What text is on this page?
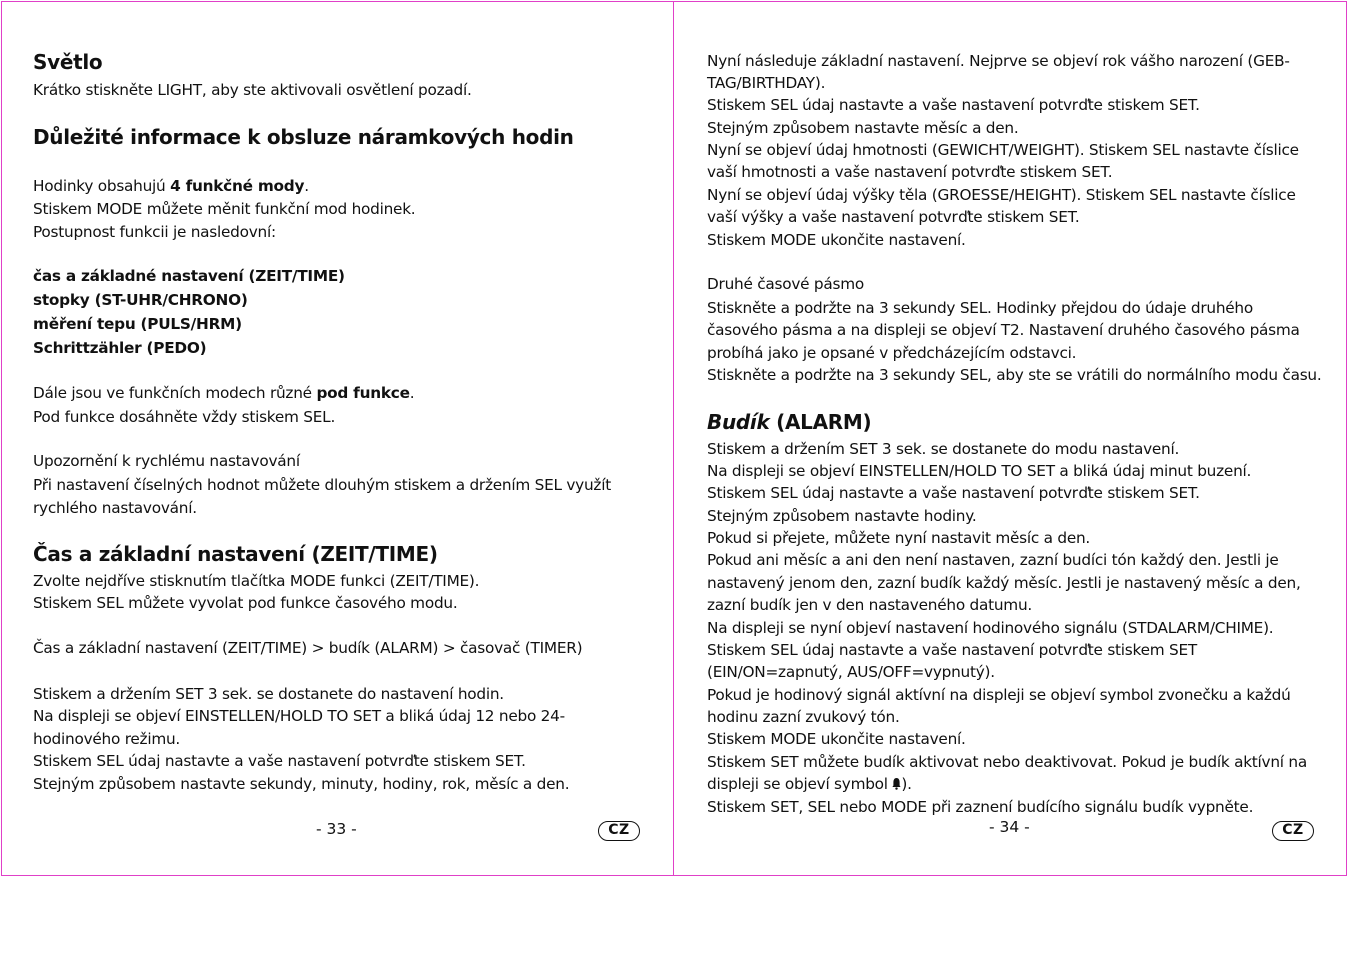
Světlo
Krátko stiskněte LIGHT, aby ste aktivovali osvětlení pozadí.
Důležité informace k obsluze náramkových hodin
Hodinky obsahujú 4 funkčné mody.
Stiskem MODE můžete měnit funkční mod hodinek.
Postupnost funkcii je nasledovní:
čas a základné nastavení (ZEIT/TIME)
stopky (ST-UHR/CHRONO)
měření tepu (PULS/HRM)
Schrittzähler (PEDO)
Dále jsou ve funkčních modech různé pod funkce.
Pod funkce dosáhněte vždy stiskem SEL.
Upozornění k rychlému nastavování
Při nastavení číselných hodnot můžete dlouhým stiskem a držením SEL využít
rychlého nastavování.
Čas a základní nastavení (ZEIT/TIME)
Zvolte nejdříve stisknutím tlačítka MODE funkci (ZEIT/TIME).
Stiskem SEL můžete vyvolat pod funkce časového modu.
Čas a základní nastavení (ZEIT/TIME) > budík (ALARM) > časovač (TIMER)
Stiskem a držením SET 3 sek. se dostanete do nastavení hodin.
Na displeji se objeví EINSTELLEN/HOLD TO SET a bliká údaj 12 nebo 24-
hodinového režimu.
Stiskem SEL údaj nastavte a vaše nastavení potvrďte stiskem SET.
Stejným způsobem nastavte sekundy, minuty, hodiny, rok, měsíc a den.
- 33 -	CZ
Nyní následuje základní nastavení. Nejprve se objeví rok vášho narození (GEB-
TAG/BIRTHDAY).
Stiskem SEL údaj nastavte a vaše nastavení potvrďte stiskem SET.
Stejným způsobem nastavte měsíc a den.
Nyní se objeví údaj hmotnosti (GEWICHT/WEIGHT). Stiskem SEL nastavte číslice
vaší hmotnosti a vaše nastavení potvrďte stiskem SET.
Nyní se objeví údaj výšky těla (GROESSE/HEIGHT). Stiskem SEL nastavte číslice
vaší výšky a vaše nastavení potvrďte stiskem SET.
Stiskem MODE ukončite nastavení.
Druhé časové pásmo
Stiskněte a podržte na 3 sekundy SEL. Hodinky přejdou do údaje druhého
časového pásma a na displeji se objeví T2. Nastavení druhého časového pásma
probíhá jako je opsané v předcházejícím odstavci.
Stiskněte a podržte na 3 sekundy SEL, aby ste se vrátili do normálního modu času.
Budík (ALARM)
Stiskem a držením SET 3 sek. se dostanete do modu nastavení.
Na displeji se objeví EINSTELLEN/HOLD TO SET a bliká údaj minut buzení.
Stiskem SEL údaj nastavte a vaše nastavení potvrďte stiskem SET.
Stejným způsobem nastavte hodiny.
Pokud si přejete, můžete nyní nastavit měsíc a den.
Pokud ani měsíc a ani den není nastaven, zazní budíci tón každý den. Jestli je
nastavený jenom den, zazní budík každý měsíc. Jestli je nastavený měsíc a den,
zazní budík jen v den nastaveného datumu.
Na displeji se nyní objeví nastavení hodinového signálu (STDALARM/CHIME).
Stiskem SEL údaj nastavte a vaše nastavení potvrďte stiskem SET
(EIN/ON=zapnutý, AUS/OFF=vypnutý).
Pokud je hodinový signál aktívní na displeji se objeví symbol zvonečku a každú
hodinu zazní zvukový tón.
Stiskem MODE ukončite nastavení.
Stiskem SET můžete budík aktivovat nebo deaktivovat. Pokud je budík aktívní na
displeji se objeví symbol ).
Stiskem SET, SEL nebo MODE při zaznení budícího signálu budík vypněte.
- 34 -	CZ
